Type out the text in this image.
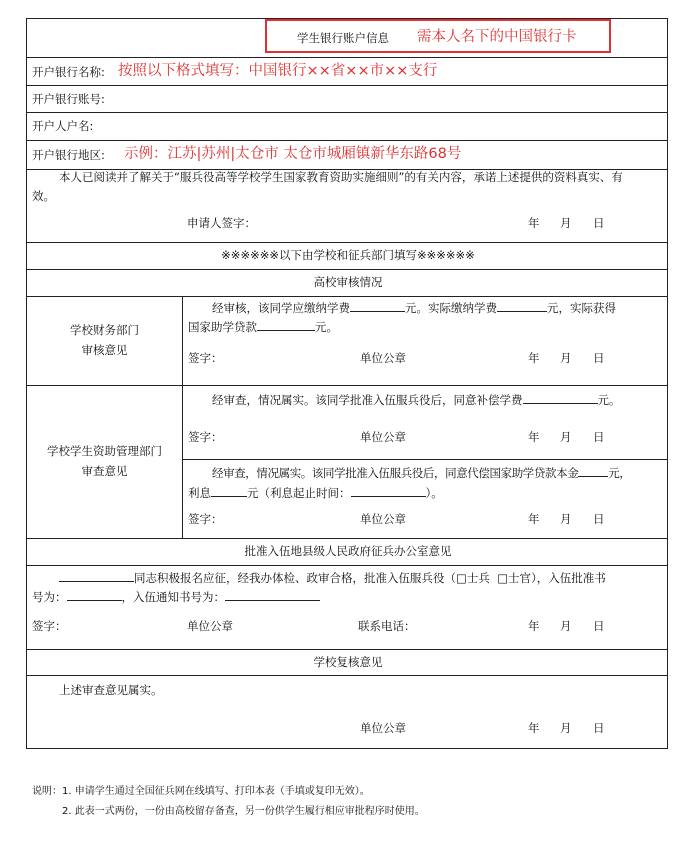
学生银行账户信息 需本人名下的中国银行卡
开户银行名称: 按照以下格式填写：中国银行××省××市××支行
开户银行账号:
开户人户名:
开户银行地区: 示例：江苏|苏州|太仓市 太仓市城厢镇新华东路68号
本人已阅读并了解关于“服兵役高等学校学生国家教育资助实施细则”的有关内容，承诺上述提供的资料真实、有
效。
申请人签字：	年 月 日
※※※※※※以下由学校和征兵部门填写※※※※※※
高校审核情况
学校财务部门
审核意见
经审核，该同学应缴纳学费	元。实际缴纳学费	元，实际获得
国家助学贷款	元。
签字：	单位公章	年 月 日
学校学生资助管理部门
审查意见
经审查，情况属实。该同学批准入伍服兵役后，同意补偿学费	元。
签字：	单位公章	年 月 日
经审查，情况属实。该同学批准入伍服兵役后，同意代偿国家助学贷款本金	元，
利息	元（利息起止时间：	）。
签字：	单位公章	年 月 日
批准入伍地县级人民政府征兵办公室意见
同志积极报名应征，经我办体检、政审合格，批准入伍服兵役（□士兵 □士官），入伍批准书
号为：	，入伍通知书号为：
签字：	单位公章	联系电话：	年 月 日
学校复核意见
上述审查意见属实。
单位公章	年 月 日
说明：1. 申请学生通过全国征兵网在线填写、打印本表（手填或复印无效）。
2. 此表一式两份，一份由高校留存备查，另一份供学生履行相应审批程序时使用。
